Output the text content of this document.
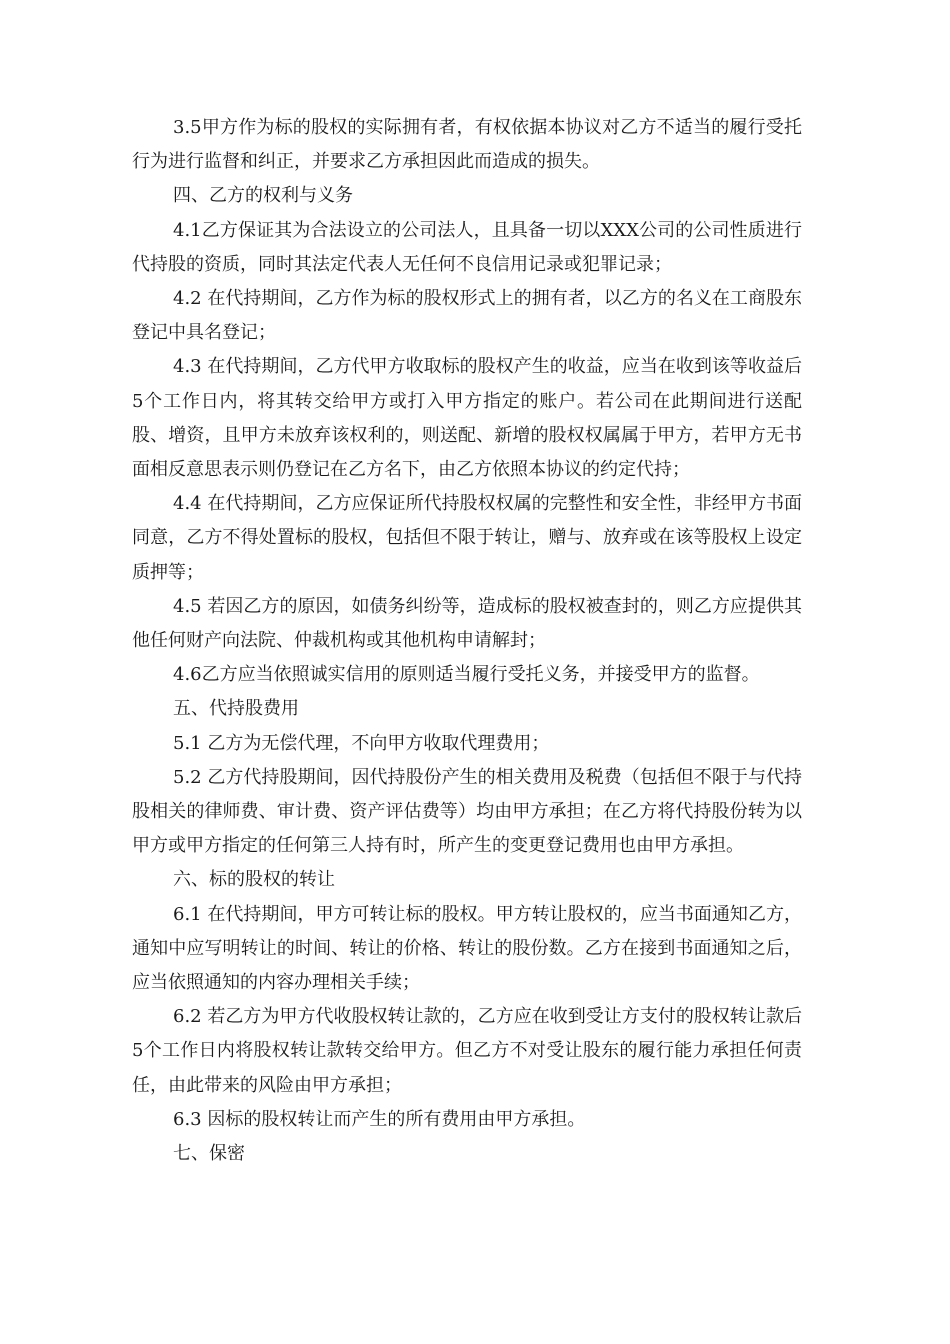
3.5甲方作为标的股权的实际拥有者，有权依据本协议对乙方不适当的履行受托行为进行监督和纠正，并要求乙方承担因此而造成的损失。

四、乙方的权利与义务

4.1乙方保证其为合法设立的公司法人，且具备一切以XXX公司的公司性质进行代持股的资质，同时其法定代表人无任何不良信用记录或犯罪记录；

4.2 在代持期间，乙方作为标的股权形式上的拥有者，以乙方的名义在工商股东登记中具名登记；

4.3 在代持期间，乙方代甲方收取标的股权产生的收益，应当在收到该等收益后5个工作日内，将其转交给甲方或打入甲方指定的账户。若公司在此期间进行送配股、增资，且甲方未放弃该权利的，则送配、新增的股权权属属于甲方，若甲方无书面相反意思表示则仍登记在乙方名下，由乙方依照本协议的约定代持；

4.4 在代持期间，乙方应保证所代持股权权属的完整性和安全性，非经甲方书面同意，乙方不得处置标的股权，包括但不限于转让，赠与、放弃或在该等股权上设定质押等；

4.5 若因乙方的原因，如债务纠纷等，造成标的股权被查封的，则乙方应提供其他任何财产向法院、仲裁机构或其他机构申请解封；

4.6乙方应当依照诚实信用的原则适当履行受托义务，并接受甲方的监督。

五、代持股费用

5.1 乙方为无偿代理，不向甲方收取代理费用；

5.2 乙方代持股期间，因代持股份产生的相关费用及税费（包括但不限于与代持股相关的律师费、审计费、资产评估费等）均由甲方承担；在乙方将代持股份转为以甲方或甲方指定的任何第三人持有时，所产生的变更登记费用也由甲方承担。

六、标的股权的转让

6.1 在代持期间，甲方可转让标的股权。甲方转让股权的，应当书面通知乙方，通知中应写明转让的时间、转让的价格、转让的股份数。乙方在接到书面通知之后，应当依照通知的内容办理相关手续；

6.2 若乙方为甲方代收股权转让款的，乙方应在收到受让方支付的股权转让款后5个工作日内将股权转让款转交给甲方。但乙方不对受让股东的履行能力承担任何责任，由此带来的风险由甲方承担；

6.3 因标的股权转让而产生的所有费用由甲方承担。

七、保密
